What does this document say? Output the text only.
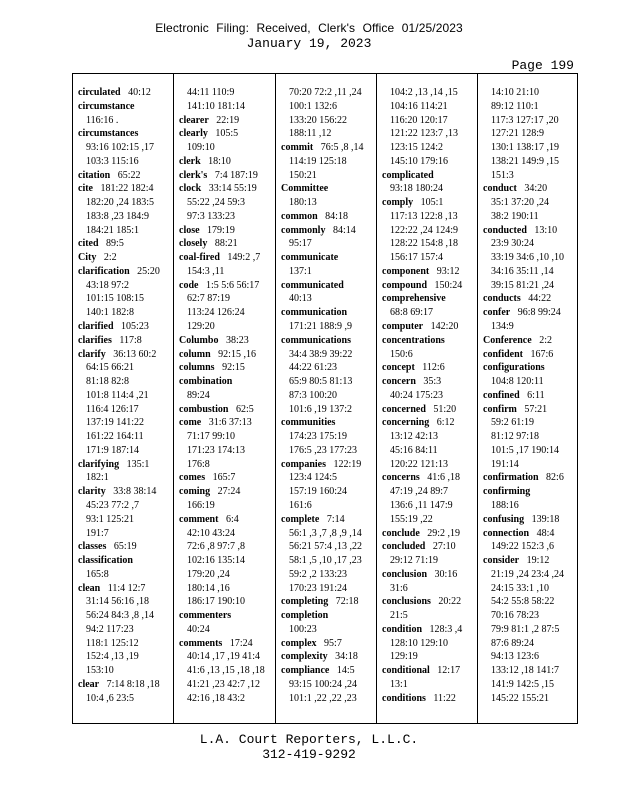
Electronic Filing: Received, Clerk's Office 01/25/2023
January 19, 2023
Page 199
circulated 40:12
circumstance
116:16 .
circumstances
93:16 102:15 ,17
103:3 115:16
citation 65:22
cite 181:22 182:4
182:20 ,24 183:5
183:8 ,23 184:9
184:21 185:1
cited 89:5
City 2:2
clarification 25:20
43:18 97:2
101:15 108:15
140:1 182:8
clarified 105:23
clarifies 117:8
clarify 36:13 60:2
64:15 66:21
81:18 82:8
101:8 114:4 ,21
116:4 126:17
137:19 141:22
161:22 164:11
171:9 187:14
clarifying 135:1
182:1
clarity 33:8 38:14
45:23 77:2 ,7
93:1 125:21
191:7
classes 65:19
classification
165:8
clean 11:4 12:7
31:14 56:16 ,18
56:24 84:3 ,8 ,14
94:2 117:23
118:1 125:12
152:4 ,13 ,19
153:10
clear 7:14 8:18 ,18
10:4 ,6 23:5
44:11 110:9
141:10 181:14
clearer 22:19
clearly 105:5
109:10
clerk 18:10
clerk's 7:4 187:19
clock 33:14 55:19
55:22 ,24 59:3
97:3 133:23
close 179:19
closely 88:21
coal-fired 149:2 ,7
154:3 ,11
code 1:5 5:6 56:17
62:7 87:19
113:24 126:24
129:20
Columbo 38:23
column 92:15 ,16
columns 92:15
combination
89:24
combustion 62:5
come 31:6 37:13
71:17 99:10
171:23 174:13
176:8
comes 165:7
coming 27:24
166:19
comment 6:4
42:10 43:24
72:6 ,8 97:7 ,8
102:16 135:14
179:20 ,24
180:14 ,16
186:17 190:10
commenters
40:24
comments 17:24
40:14 ,17 ,19 41:4
41:6 ,13 ,15 ,18 ,18
41:21 ,23 42:7 ,12
42:16 ,18 43:2
70:20 72:2 ,11 ,24
100:1 132:6
133:20 156:22
188:11 ,12
commit 76:5 ,8 ,14
114:19 125:18
150:21
Committee
180:13
common 84:18
commonly 84:14
95:17
communicate
137:1
communicated
40:13
communication
171:21 188:9 ,9
communications
34:4 38:9 39:22
44:22 61:23
65:9 80:5 81:13
87:3 100:20
101:6 ,19 137:2
communities
174:23 175:19
176:5 ,23 177:23
companies 122:19
123:4 124:5
157:19 160:24
161:6
complete 7:14
56:1 ,3 ,7 ,8 ,9 ,14
56:21 57:4 ,13 ,22
58:1 ,5 ,10 ,17 ,23
59:2 ,2 133:23
170:23 191:24
completing 72:18
completion
100:23
complex 95:7
complexity 34:18
compliance 14:5
93:15 100:24 ,24
101:1 ,22 ,22 ,23
104:2 ,13 ,14 ,15
104:16 114:21
116:20 120:17
121:22 123:7 ,13
123:15 124:2
145:10 179:16
complicated
93:18 180:24
comply 105:1
117:13 122:8 ,13
122:22 ,24 124:9
128:22 154:8 ,18
156:17 157:4
component 93:12
compound 150:24
comprehensive
68:8 69:17
computer 142:20
concentrations
150:6
concept 112:6
concern 35:3
40:24 175:23
concerned 51:20
concerning 6:12
13:12 42:13
45:16 84:11
120:22 121:13
concerns 41:6 ,18
47:19 ,24 89:7
136:6 ,11 147:9
155:19 ,22
conclude 29:2 ,19
concluded 27:10
29:12 71:19
conclusion 30:16
31:6
conclusions 20:22
21:5
condition 128:3 ,4
128:10 129:10
129:19
conditional 12:17
13:1
conditions 11:22
14:10 21:10
89:12 110:1
117:3 127:17 ,20
127:21 128:9
130:1 138:17 ,19
138:21 149:9 ,15
151:3
conduct 34:20
35:1 37:20 ,24
38:2 190:11
conducted 13:10
23:9 30:24
33:19 34:6 ,10 ,10
34:16 35:11 ,14
39:15 81:21 ,24
conducts 44:22
confer 96:8 99:24
134:9
Conference 2:2
confident 167:6
configurations
104:8 120:11
confined 6:11
confirm 57:21
59:2 61:19
81:12 97:18
101:5 ,17 190:14
191:14
confirmation 82:6
confirming
188:16
confusing 139:18
connection 48:4
149:22 152:3 ,6
consider 19:12
21:19 ,24 23:4 ,24
24:15 33:1 ,10
54:2 55:8 58:22
70:16 78:23
79:9 81:1 ,2 87:5
87:6 89:24
94:13 123:6
133:12 ,18 141:7
141:9 142:5 ,15
145:22 155:21
L.A. Court Reporters, L.L.C.
312-419-9292
